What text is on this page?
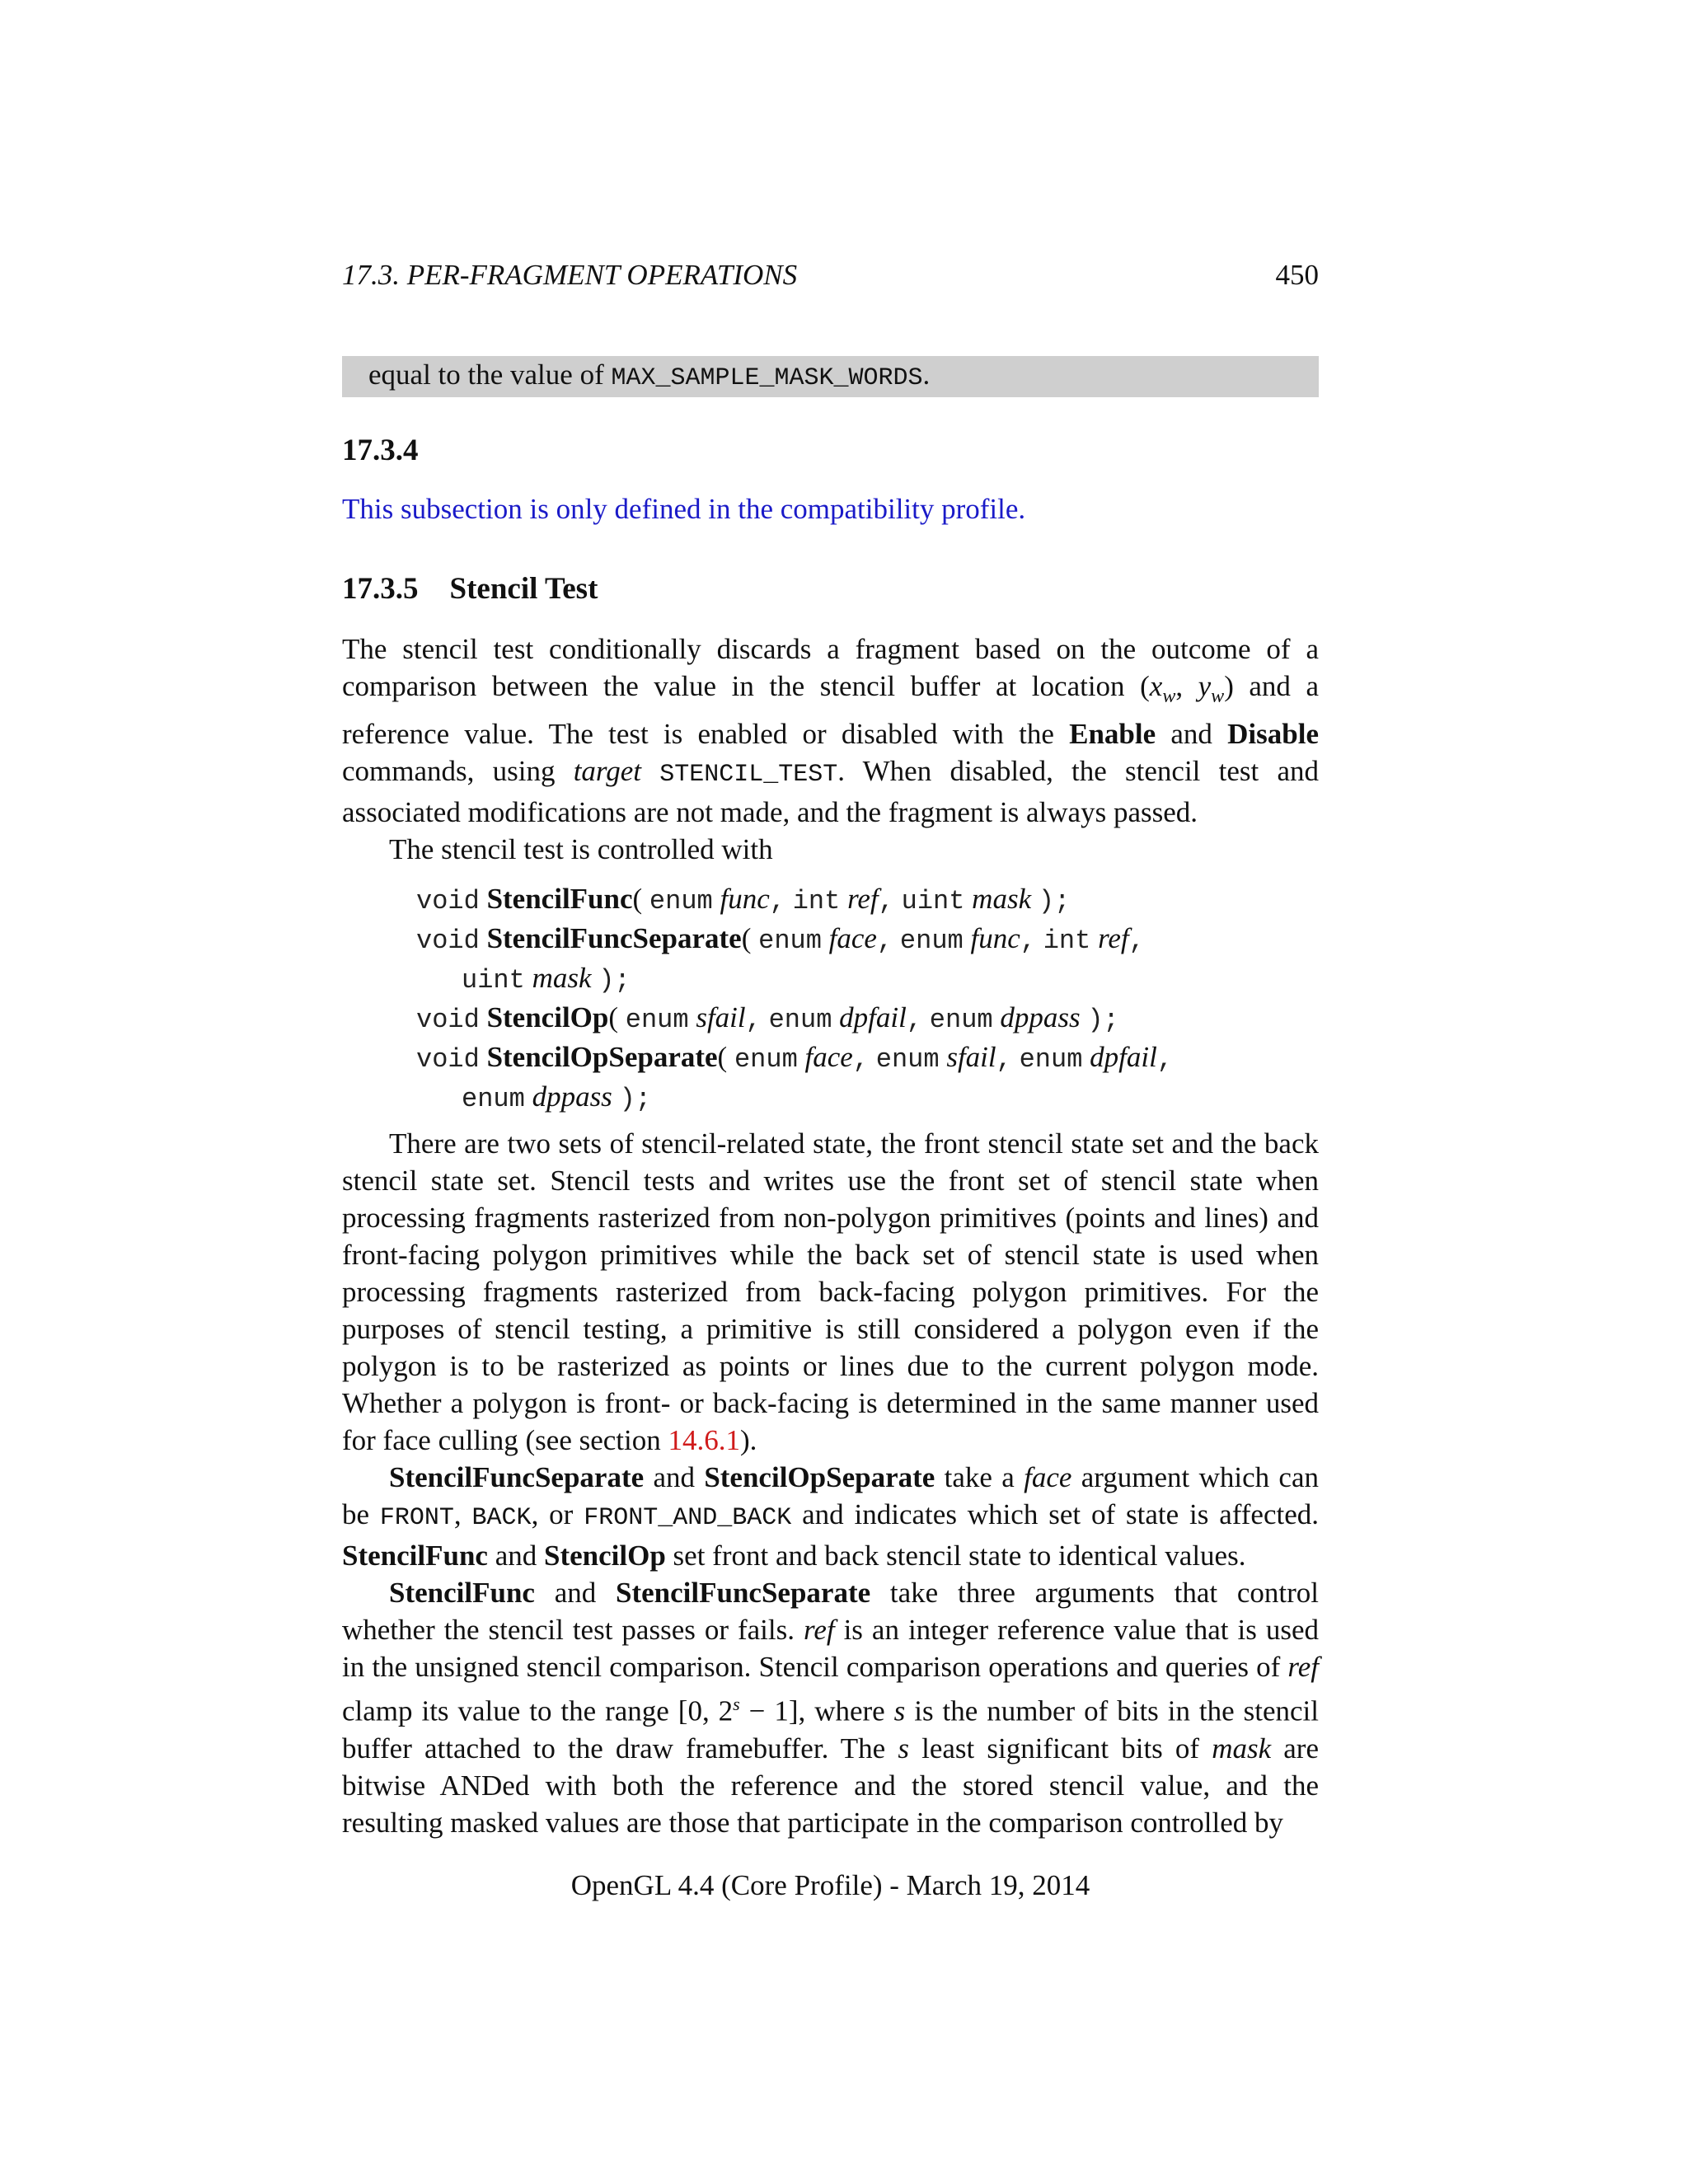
17.3. PER-FRAGMENT OPERATIONS	450
equal to the value of MAX_SAMPLE_MASK_WORDS.
17.3.4
This subsection is only defined in the compatibility profile.
17.3.5 Stencil Test

The stencil test conditionally discards a fragment based on the outcome of a comparison between the value in the stencil buffer at location ($x_w$, $y_w$) and a reference value. The test is enabled or disabled with the Enable and Disable commands, using target STENCIL_TEST. When disabled, the stencil test and associated modifications are not made, and the fragment is always passed.

The stencil test is controlled with

void StencilFunc( enum func, int ref, uint mask );
void StencilFuncSeparate( enum face, enum func, int ref,
uint mask );
void StencilOp( enum sfail, enum dpfail, enum dppass );
void StencilOpSeparate( enum face, enum sfail, enum dpfail,
enum dppass );

There are two sets of stencil-related state, the front stencil state set and the back stencil state set. Stencil tests and writes use the front set of stencil state when processing fragments rasterized from non-polygon primitives (points and lines) and front-facing polygon primitives while the back set of stencil state is used when processing fragments rasterized from back-facing polygon primitives. For the purposes of stencil testing, a primitive is still considered a polygon even if the polygon is to be rasterized as points or lines due to the current polygon mode. Whether a polygon is front- or back-facing is determined in the same manner used for face culling (see section 14.6.1).

StencilFuncSeparate and StencilOpSeparate take a face argument which can be FRONT, BACK, or FRONT_AND_BACK and indicates which set of state is affected. StencilFunc and StencilOp set front and back stencil state to identical values.

StencilFunc and StencilFuncSeparate take three arguments that control whether the stencil test passes or fails. ref is an integer reference value that is used in the unsigned stencil comparison. Stencil comparison operations and queries of ref clamp its value to the range [0, $2^s - 1$], where s is the number of bits in the stencil buffer attached to the draw framebuffer. The s least significant bits of mask are bitwise ANDed with both the reference and the stored stencil value, and the resulting masked values are those that participate in the comparison controlled by

OpenGL 4.4 (Core Profile) - March 19, 2014
